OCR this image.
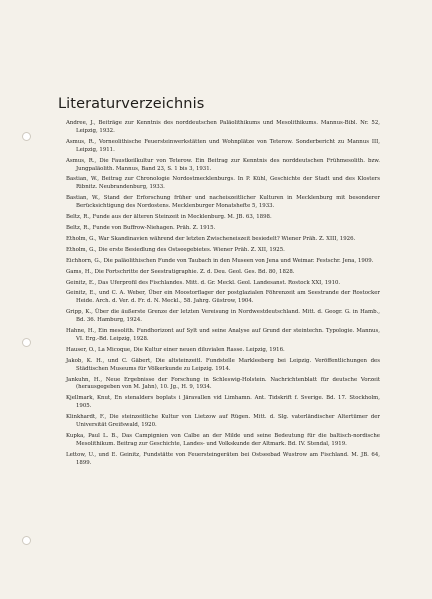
Literaturverzeichnis

Andree, J., Beiträge zur Kenntnis des norddeutschen Paläolithikums und Mesolithikums. Mannus-Bibl. Nr. 52, Leipzig, 1932.

Asmus, R., Vorneolithische Feuersteinwerkstätten und Wohnplätze von Teterow. Sonderbericht zu Mannus III, Leipzig, 1911.

Asmus, R., Die Faustkeilkultur von Teterow. Ein Beitrag zur Kenntnis des norddeutschen Frühmesolith. bzw. Jungpaläolith. Mannus, Band 23, S. 1 bis 3, 1931.

Bastian, W., Beitrag zur Chronologie Nordostmecklenburgs. In P. Kühl, Geschichte der Stadt und des Klosters Ribnitz. Neubrandenburg, 1933.

Bastian, W., Stand der Erforschung früher und nacheiszeitlicher Kulturen in Mecklenburg mit besonderer Berücksichtigung des Nordostens. Mecklenburger Monatshefte 5, 1933.

Beltz, R., Funde aus der älteren Steinzeit in Mecklenburg. M. JB. 63, 1898.

Beltz, R., Funde von Buffrow-Niehagen. Präh. Z. 1915.

Etholm, G., War Skandinavien während der letzten Zwischeneiszeit besiedelt? Wiener Präh. Z. XIII, 1926.

Etholm, G., Die erste Besiedlung des Ostseegebietes. Wiener Präh. Z. XII, 1925.

Eichhorn, G., Die paläolithischen Funde von Taubach in den Museen von Jena und Weimar. Festschr. Jena, 1909.

Gams, H., Die Fortschritte der Seestratigraphie. Z. d. Deu. Geol. Ges. Bd. 80, 1828.

Geinitz, E., Das Uferprofil des Fischlandes. Mitt. d. Gr. Meckl. Geol. Landesanst. Rostock XXI, 1910.

Geinitz, E., und C. A. Weber, Über ein Moostorflager der postglazialen Föhrenzeit am Seestrande der Rostocker Heide. Arch. d. Ver. d. Fr. d. N. Meckl., 58. Jahrg. Güstrow, 1904.

Gripp, K., Über die äußerste Grenze der letzten Vereisung in Nordwestdeutschland. Mitt. d. Geogr. G. in Hamb., Bd. 36. Hamburg, 1924.

Hahne, H., Ein mesolith. Fundhorizont auf Sylt und seine Analyse auf Grund der steintechn. Typologie. Mannus, VI. Erg.-Bd. Leipzig, 1928.

Hauser, O., La Micoque, Die Kultur einer neuen diluvialen Rasse. Leipzig, 1916.

Jakob, K. H., und C. Gäbert, Die altsteinzeitl. Fundstelle Markleeberg bei Leipzig. Veröffentlichungen des Städtischen Museums für Völkerkunde zu Leipzig. 1914.

Jankuhn, H., Neue Ergebnisse der Forschung in Schleswig-Holstein. Nachrichtenblatt für deutsche Vorzeit (herausgegeben von M. Jahn), 10. Jg., H. 9, 1934.

Kjellmark, Knut, En stenalders boplats i Järavallen vid Limhamn. Ant. Tidskrift f. Sverige. Bd. 17. Stockholm, 1905.

Klinkhardt, F., Die steinzeitliche Kultur von Lietzow auf Rügen. Mitt. d. Slg. vaterländischer Altertümer der Universität Greifswald, 1920.

Kupka, Paul L. B., Das Campignien von Calbe an der Milde und seine Bedeutung für die baltisch-nordische Mesolithikum. Beitrag zur Geschichte, Landes- und Volkskunde der Altmark. Bd. IV. Stendal, 1919.

Lettow, U., und E. Geinitz, Fundstätte von Feuersteingeräten bei Ostseebad Wustrow am Fischland. M. JB. 64, 1899.
